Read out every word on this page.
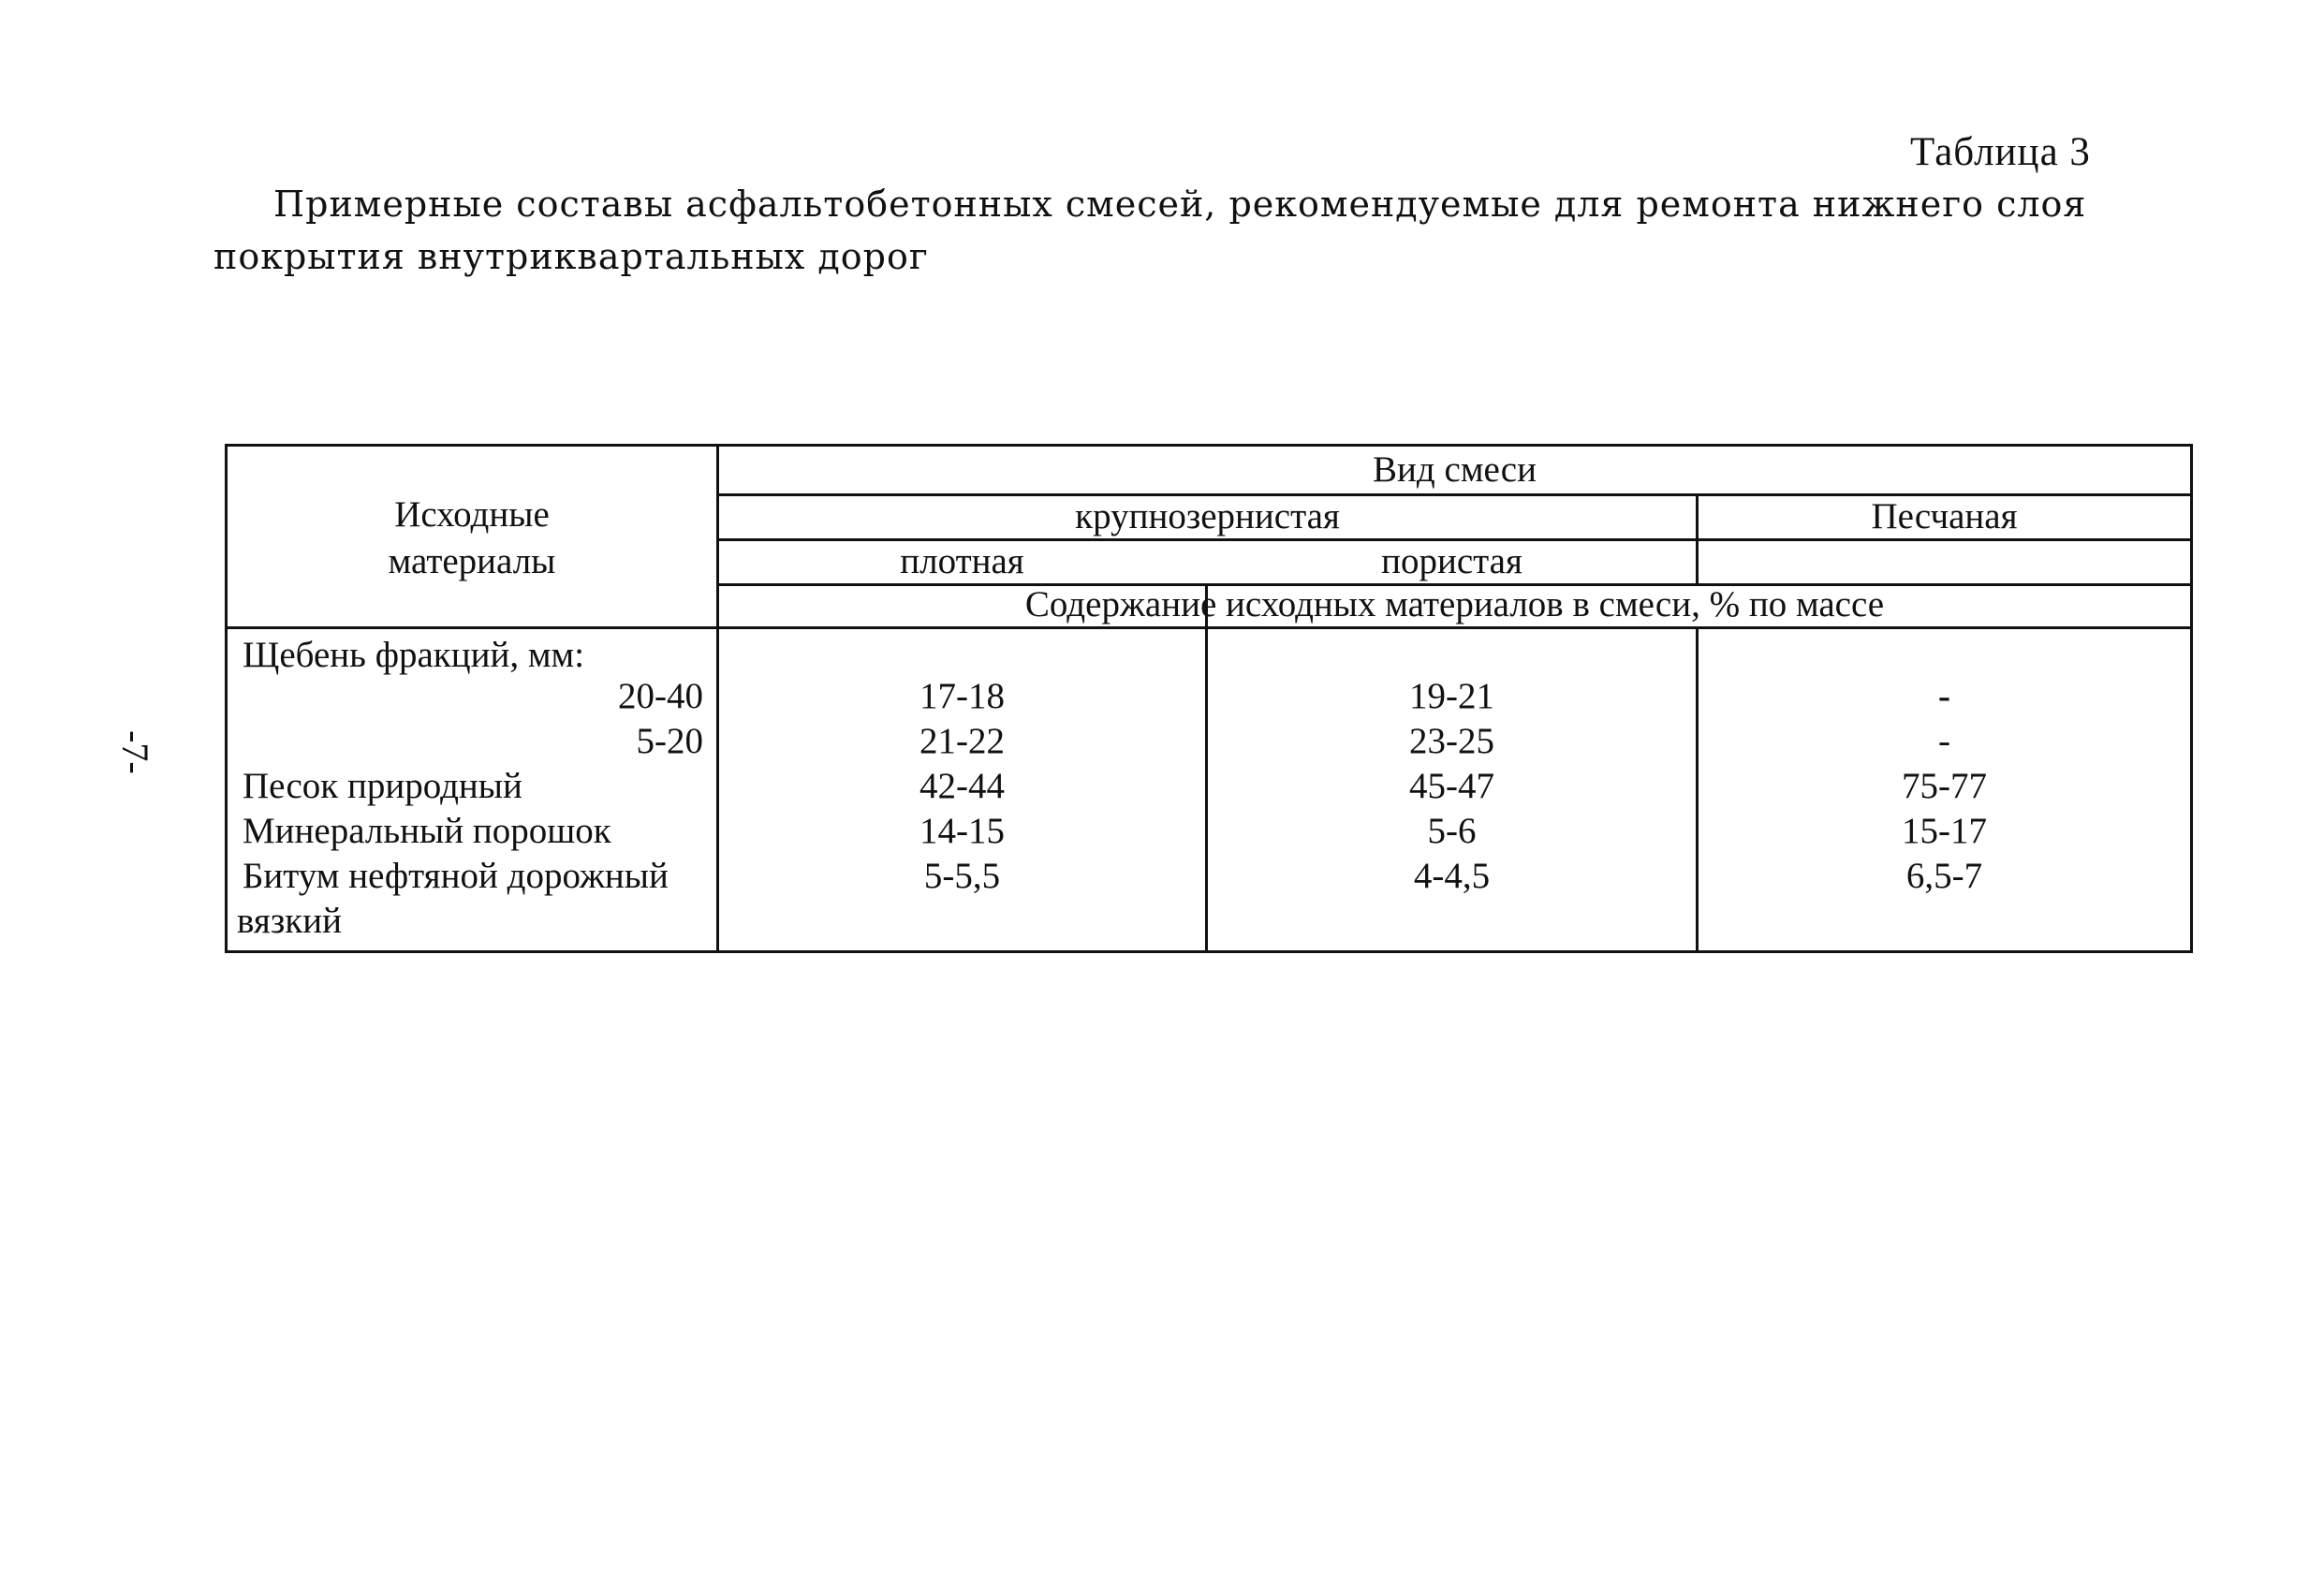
Таблица 3
Примерные составы асфальтобетонных смесей, рекомендуемые для ремонта нижнего слоя
покрытия внутриквартальных дорог
-7-
Исходные
материалы
Вид смеси
крупнозернистая	Песчаная
плотная	пористая
Содержание исходных материалов в смеси, % по массе
Щебень фракций, мм:
20-40	17-18	19-21	-
5-20	21-22	23-25	-
Песок природный	42-44	45-47	75-77
Минеральный порошок	14-15	5-6	15-17
Битум нефтяной дорожный	5-5,5	4-4,5	6,5-7
вязкий
